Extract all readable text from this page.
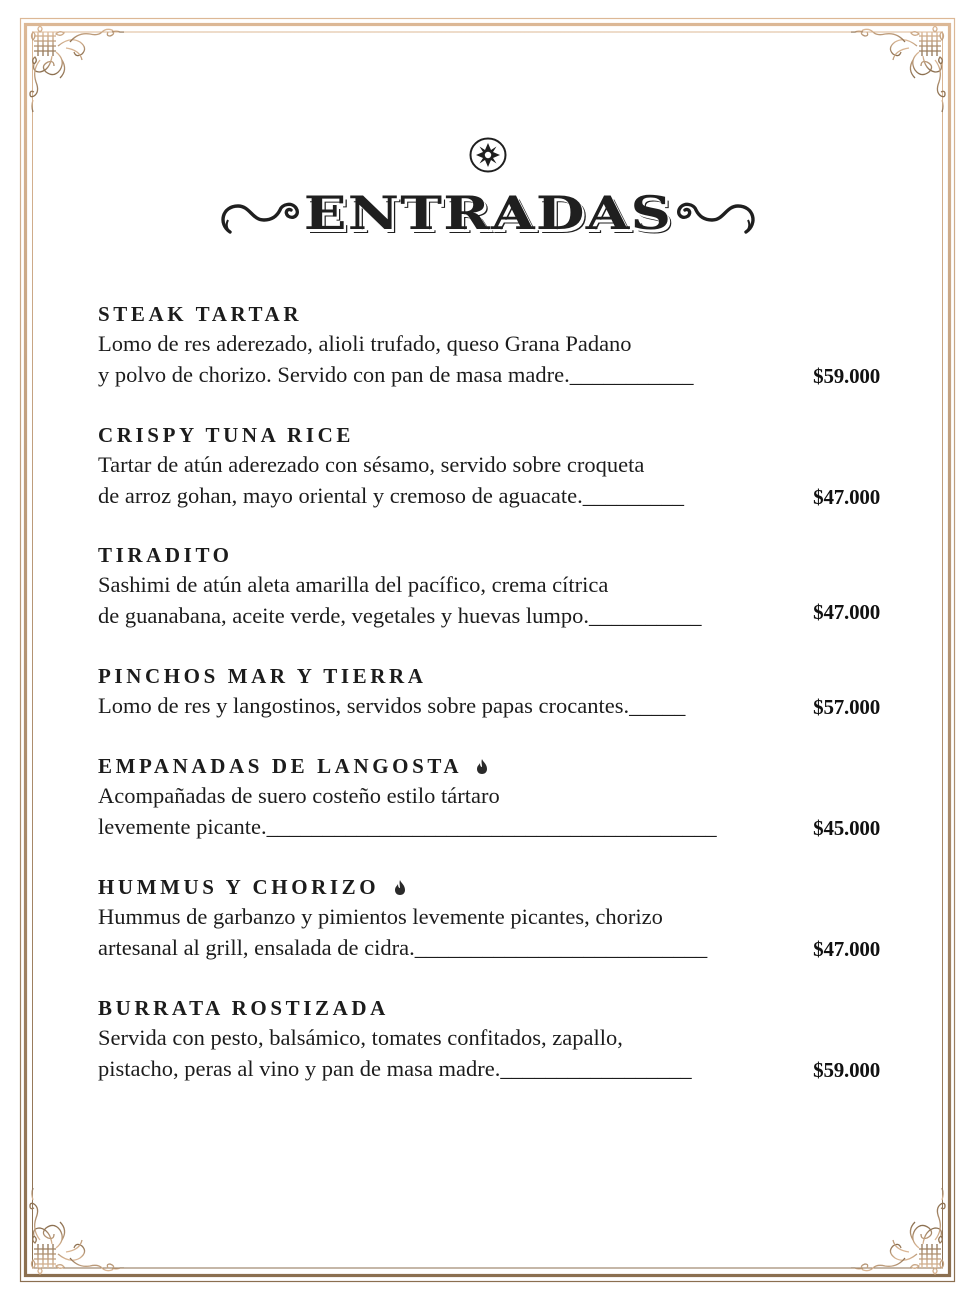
ENTRADAS
STEAK TARTAR
Lomo de res aderezado, alioli trufado, queso Grana Padano
y polvo de chorizo. Servido con pan de masa madre.___________	$59.000
CRISPY TUNA RICE
Tartar de atún aderezado con sésamo, servido sobre croqueta
de arroz gohan, mayo oriental y cremoso de aguacate._________	$47.000
TIRADITO
Sashimi de atún aleta amarilla del pacífico, crema cítrica
de guanabana, aceite verde, vegetales y huevas lumpo.__________	$47.000
PINCHOS MAR Y TIERRA
Lomo de res y langostinos, servidos sobre papas crocantes._____	$57.000
EMPANADAS DE LANGOSTA
Acompañadas de suero costeño estilo tártaro
levemente picante.________________________________________	$45.000
HUMMUS Y CHORIZO
Hummus de garbanzo y pimientos levemente picantes, chorizo
artesanal al grill, ensalada de cidra.__________________________	$47.000
BURRATA ROSTIZADA
Servida con pesto, balsámico, tomates confitados, zapallo,
pistacho, peras al vino y pan de masa madre._________________	$59.000
